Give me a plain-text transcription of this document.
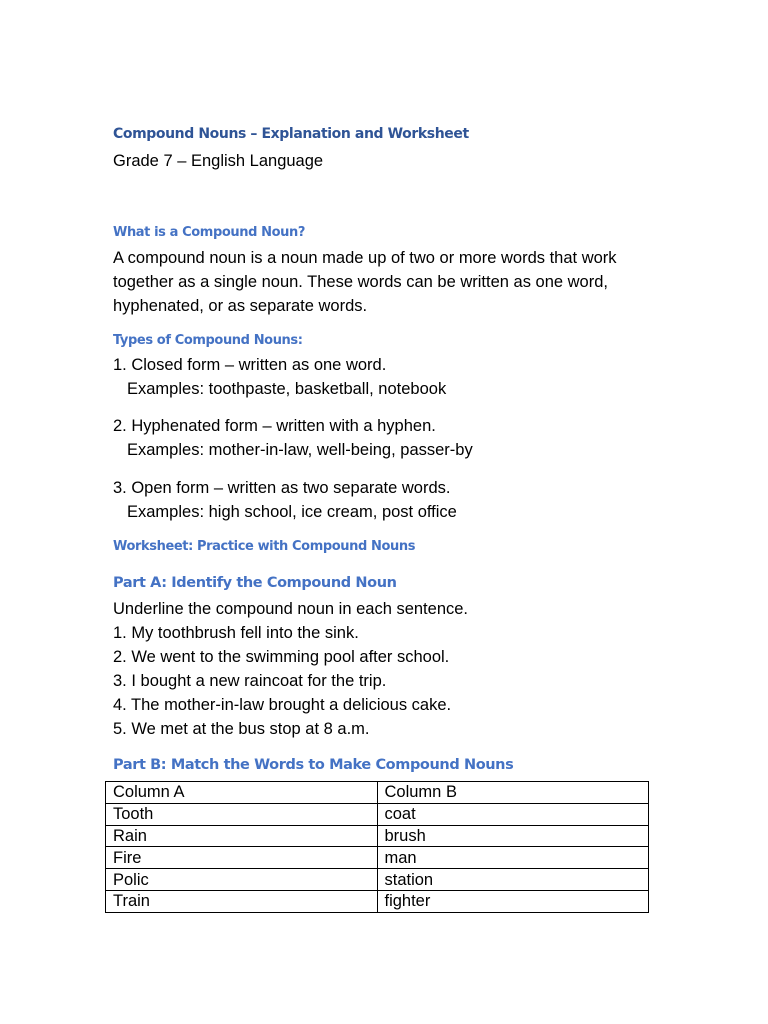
Compound Nouns – Explanation and Worksheet
Grade 7 – English Language
What is a Compound Noun?
A compound noun is a noun made up of two or more words that work
together as a single noun. These words can be written as one word,
hyphenated, or as separate words.
Types of Compound Nouns:
1. Closed form – written as one word.
Examples: toothpaste, basketball, notebook
2. Hyphenated form – written with a hyphen.
Examples: mother-in-law, well-being, passer-by
3. Open form – written as two separate words.
Examples: high school, ice cream, post office
Worksheet: Practice with Compound Nouns
Part A: Identify the Compound Noun
Underline the compound noun in each sentence.
1. My toothbrush fell into the sink.
2. We went to the swimming pool after school.
3. I bought a new raincoat for the trip.
4. The mother-in-law brought a delicious cake.
5. We met at the bus stop at 8 a.m.
Part B: Match the Words to Make Compound Nouns
Column A	Column B
Tooth	coat
Rain	brush
Fire	man
Polic	station
Train	fighter
